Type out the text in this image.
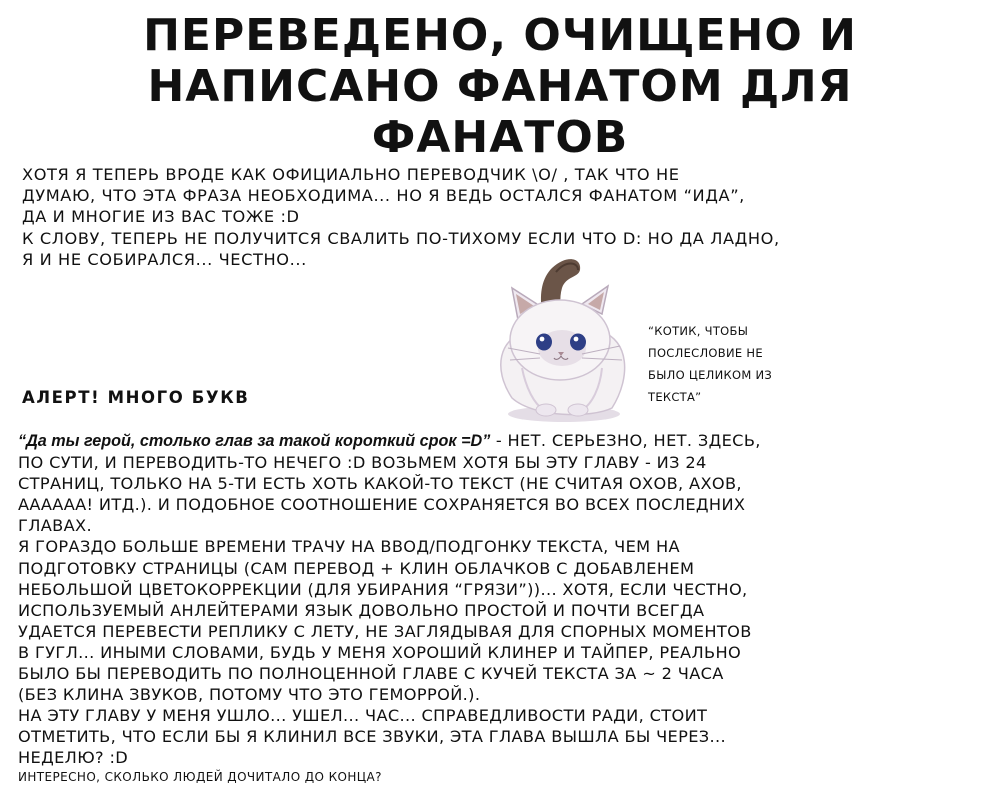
ПЕРЕВЕДЕНО, ОЧИЩЕНО И
НАПИСАНО ФАНАТОМ ДЛЯ
ФАНАТОВ

ХОТЯ Я ТЕПЕРЬ ВРОДЕ КАК ОФИЦИАЛЬНО ПЕРЕВОДЧИК \O/ , ТАК ЧТО НЕ
ДУМАЮ, ЧТО ЭТА ФРАЗА НЕОБХОДИМА... НО Я ВЕДЬ ОСТАЛСЯ ФАНАТОМ “ИДА”,
ДА И МНОГИЕ ИЗ ВАС ТОЖЕ :D
К СЛОВУ, ТЕПЕРЬ НЕ ПОЛУЧИТСЯ СВАЛИТЬ ПО-ТИХОМУ ЕСЛИ ЧТО D: НО ДА ЛАДНО,
Я И НЕ СОБИРАЛСЯ... ЧЕСТНО...

“КОТИК, ЧТОБЫ
ПОСЛЕСЛОВИЕ НЕ
БЫЛО ЦЕЛИКОМ ИЗ
ТЕКСТА”

АЛЕРТ! МНОГО БУКВ

“Да ты герой, столько глав за такой короткий срок =D” - НЕТ. СЕРЬЕЗНО, НЕТ. ЗДЕСЬ,
ПО СУТИ, И ПЕРЕВОДИТЬ-ТО НЕЧЕГО :D ВОЗЬМЕМ ХОТЯ БЫ ЭТУ ГЛАВУ - ИЗ 24
СТРАНИЦ, ТОЛЬКО НА 5-ТИ ЕСТЬ ХОТЬ КАКОЙ-ТО ТЕКСТ (НЕ СЧИТАЯ ОХОВ, АХОВ,
АААААА! ИТД.). И ПОДОБНОЕ СООТНОШЕНИЕ СОХРАНЯЕТСЯ ВО ВСЕХ ПОСЛЕДНИХ
ГЛАВАХ.
Я ГОРАЗДО БОЛЬШЕ ВРЕМЕНИ ТРАЧУ НА ВВОД/ПОДГОНКУ ТЕКСТА, ЧЕМ НА
ПОДГОТОВКУ СТРАНИЦЫ (САМ ПЕРЕВОД + КЛИН ОБЛАЧКОВ С ДОБАВЛЕНЕМ
НЕБОЛЬШОЙ ЦВЕТОКОРРЕКЦИИ (ДЛЯ УБИРАНИЯ “ГРЯЗИ”))... ХОТЯ, ЕСЛИ ЧЕСТНО,
ИСПОЛЬЗУЕМЫЙ АНЛЕЙТЕРАМИ ЯЗЫК ДОВОЛЬНО ПРОСТОЙ И ПОЧТИ ВСЕГДА
УДАЕТСЯ ПЕРЕВЕСТИ РЕПЛИКУ С ЛЕТУ, НЕ ЗАГЛЯДЫВАЯ ДЛЯ СПОРНЫХ МОМЕНТОВ
В ГУГЛ... ИНЫМИ СЛОВАМИ, БУДЬ У МЕНЯ ХОРОШИЙ КЛИНЕР И ТАЙПЕР, РЕАЛЬНО
БЫЛО БЫ ПЕРЕВОДИТЬ ПО ПОЛНОЦЕННОЙ ГЛАВЕ С КУЧЕЙ ТЕКСТА ЗА ~ 2 ЧАСА
(БЕЗ КЛИНА ЗВУКОВ, ПОТОМУ ЧТО ЭТО ГЕМОРРОЙ.).
НА ЭТУ ГЛАВУ У МЕНЯ УШЛО... УШЕЛ... ЧАС... СПРАВЕДЛИВОСТИ РАДИ, СТОИТ
ОТМЕТИТЬ, ЧТО ЕСЛИ БЫ Я КЛИНИЛ ВСЕ ЗВУКИ, ЭТА ГЛАВА ВЫШЛА БЫ ЧЕРЕЗ...
НЕДЕЛЮ? :D

ИНТЕРЕСНО, СКОЛЬКО ЛЮДЕЙ ДОЧИТАЛО ДО КОНЦА?
